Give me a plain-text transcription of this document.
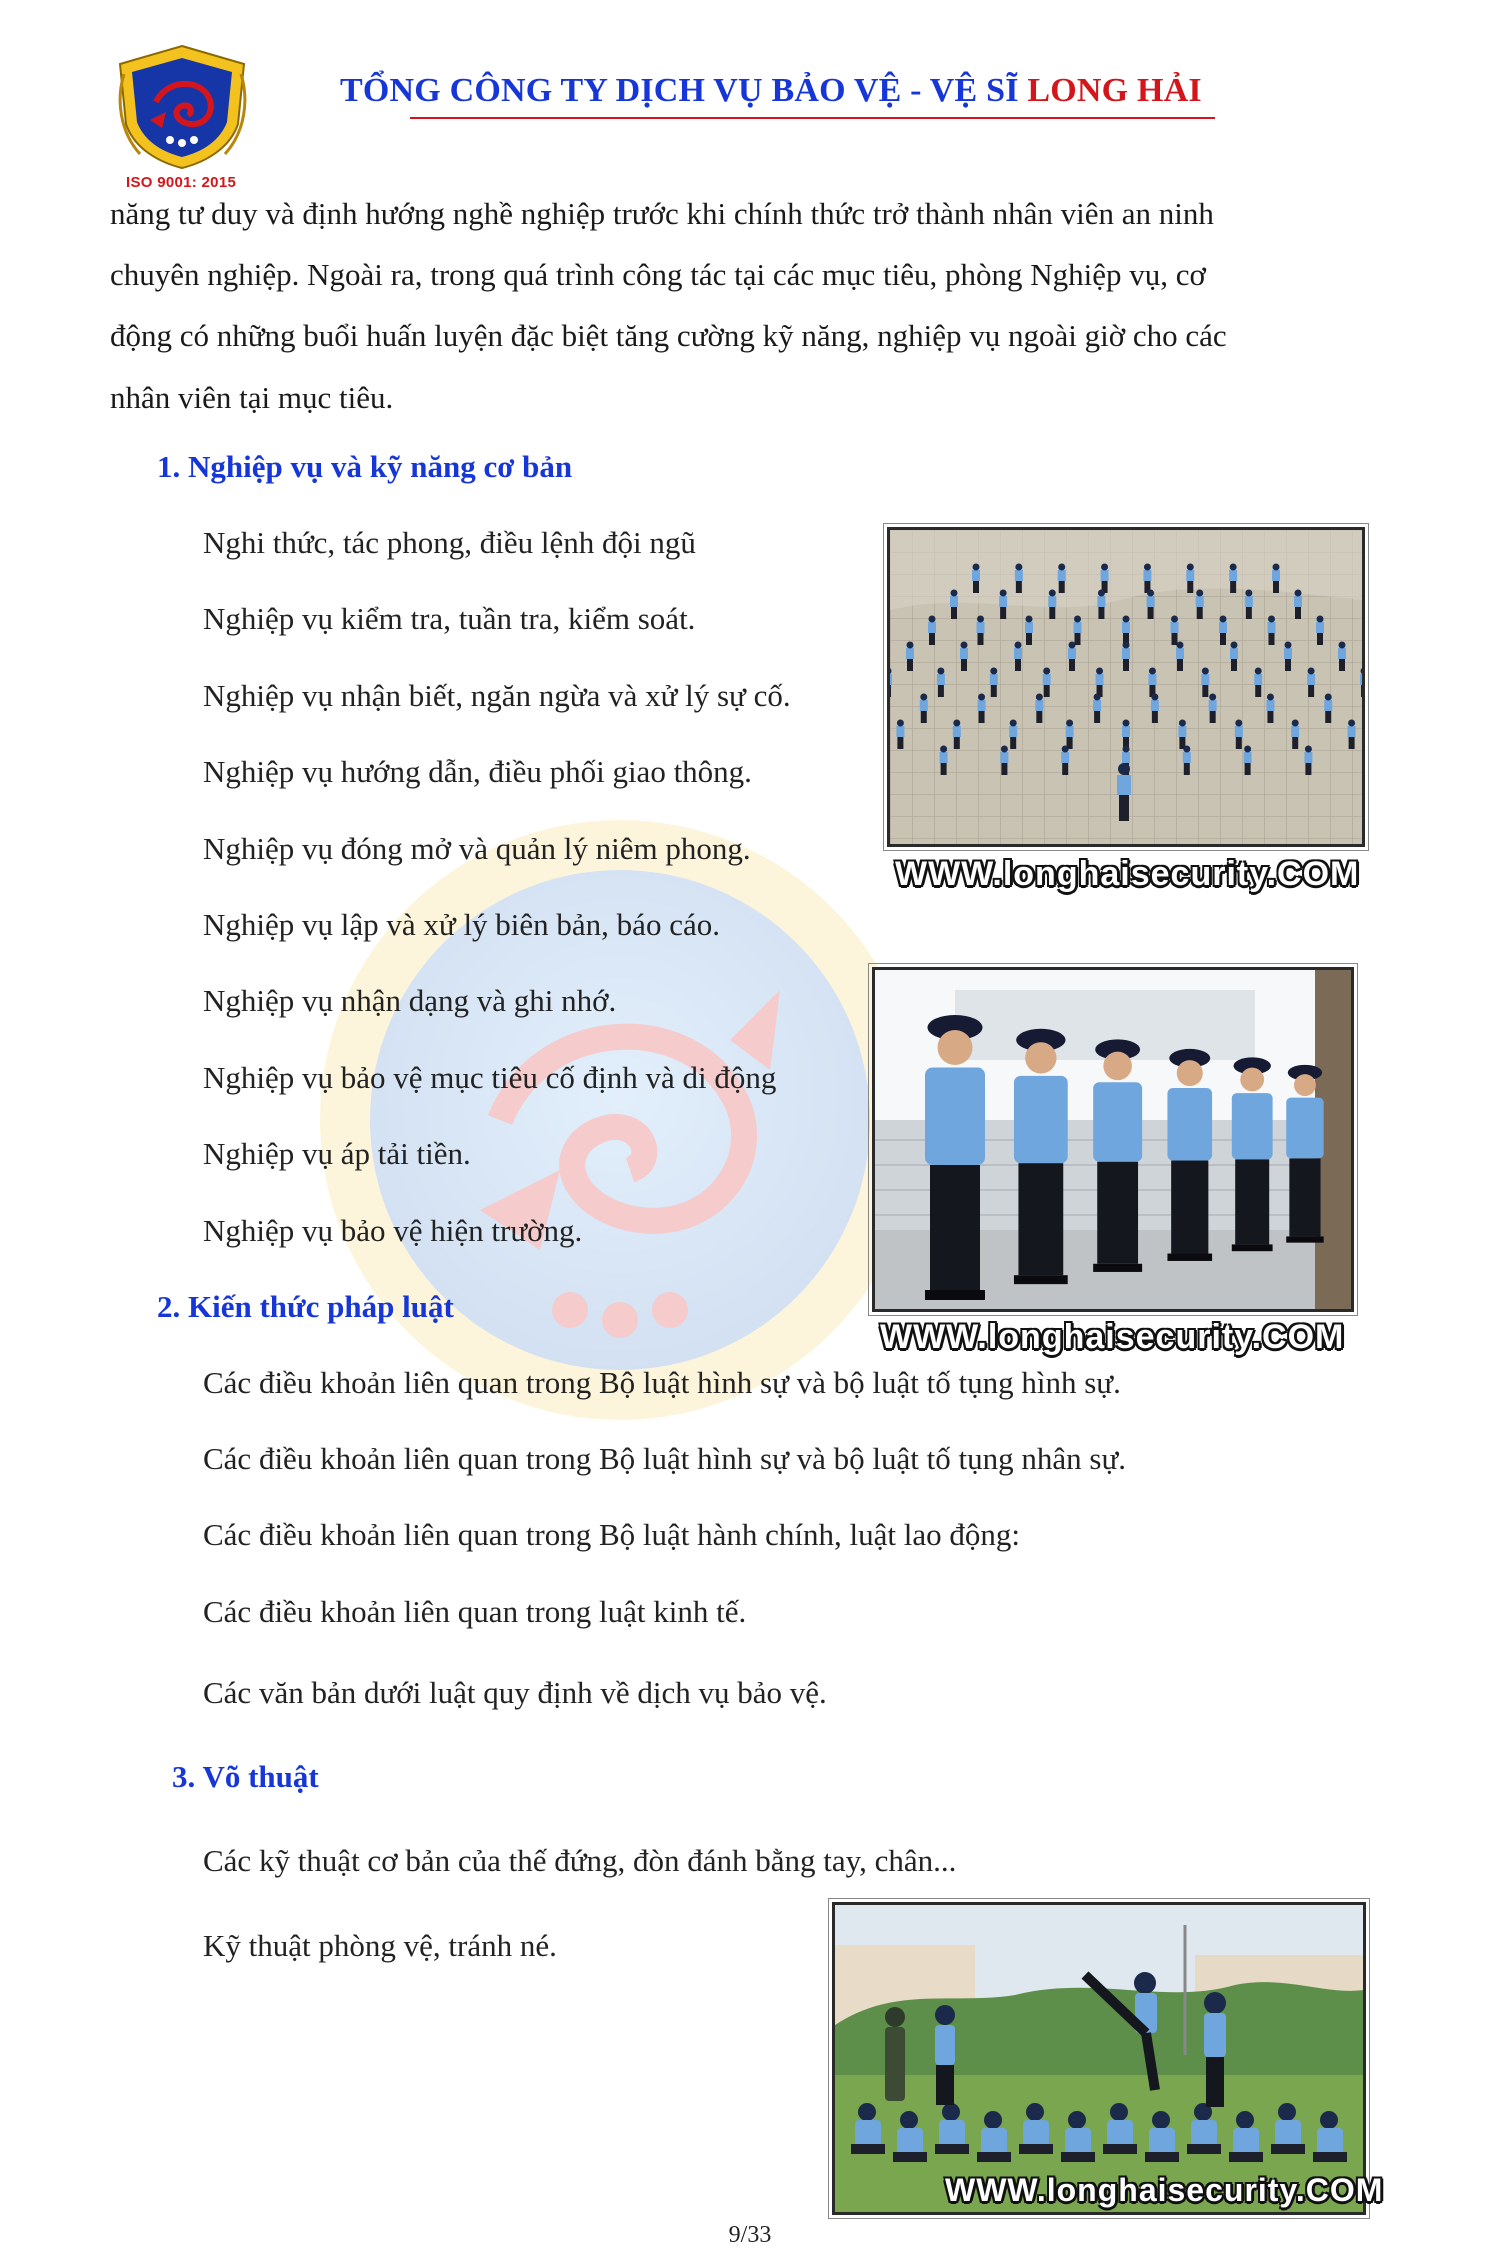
ISO 9001: 2015
TỔNG CÔNG TY DỊCH VỤ BẢO VỆ - VỆ SĨ LONG HẢI
năng tư duy và định hướng nghề nghiệp trước khi chính thức trở thành nhân viên an ninh
chuyên nghiệp. Ngoài ra, trong quá trình công tác tại các mục tiêu, phòng Nghiệp vụ, cơ
động có những buổi huấn luyện đặc biệt tăng cường kỹ năng, nghiệp vụ ngoài giờ cho các
nhân viên tại mục tiêu.
1. Nghiệp vụ và kỹ năng cơ bản
Nghi thức, tác phong, điều lệnh đội ngũ
Nghiệp vụ kiểm tra, tuần tra, kiểm soát.
Nghiệp vụ nhận biết, ngăn ngừa và xử lý sự cố.
Nghiệp vụ hướng dẫn, điều phối giao thông.
Nghiệp vụ đóng mở và quản lý niêm phong.
Nghiệp vụ lập và xử lý biên bản, báo cáo.
Nghiệp vụ nhận dạng và ghi nhớ.
Nghiệp vụ bảo vệ mục tiêu cố định và di động
Nghiệp vụ áp tải tiền.
Nghiệp vụ bảo vệ hiện trường.
WWW.longhaisecurity.COM
WWW.longhaisecurity.COM
2. Kiến thức pháp luật
Các điều khoản liên quan trong Bộ luật hình sự và bộ luật tố tụng hình sự.
Các điều khoản liên quan trong Bộ luật hình sự và bộ luật tố tụng nhân sự.
Các điều khoản liên quan trong Bộ luật hành chính, luật lao động:
Các điều khoản liên quan trong luật kinh tế.
Các văn bản dưới luật quy định về dịch vụ bảo vệ.
3. Võ thuật
Các kỹ thuật cơ bản của thế đứng, đòn đánh bằng tay, chân...
Kỹ thuật phòng vệ, tránh né.
WWW.longhaisecurity.COM
9/33
